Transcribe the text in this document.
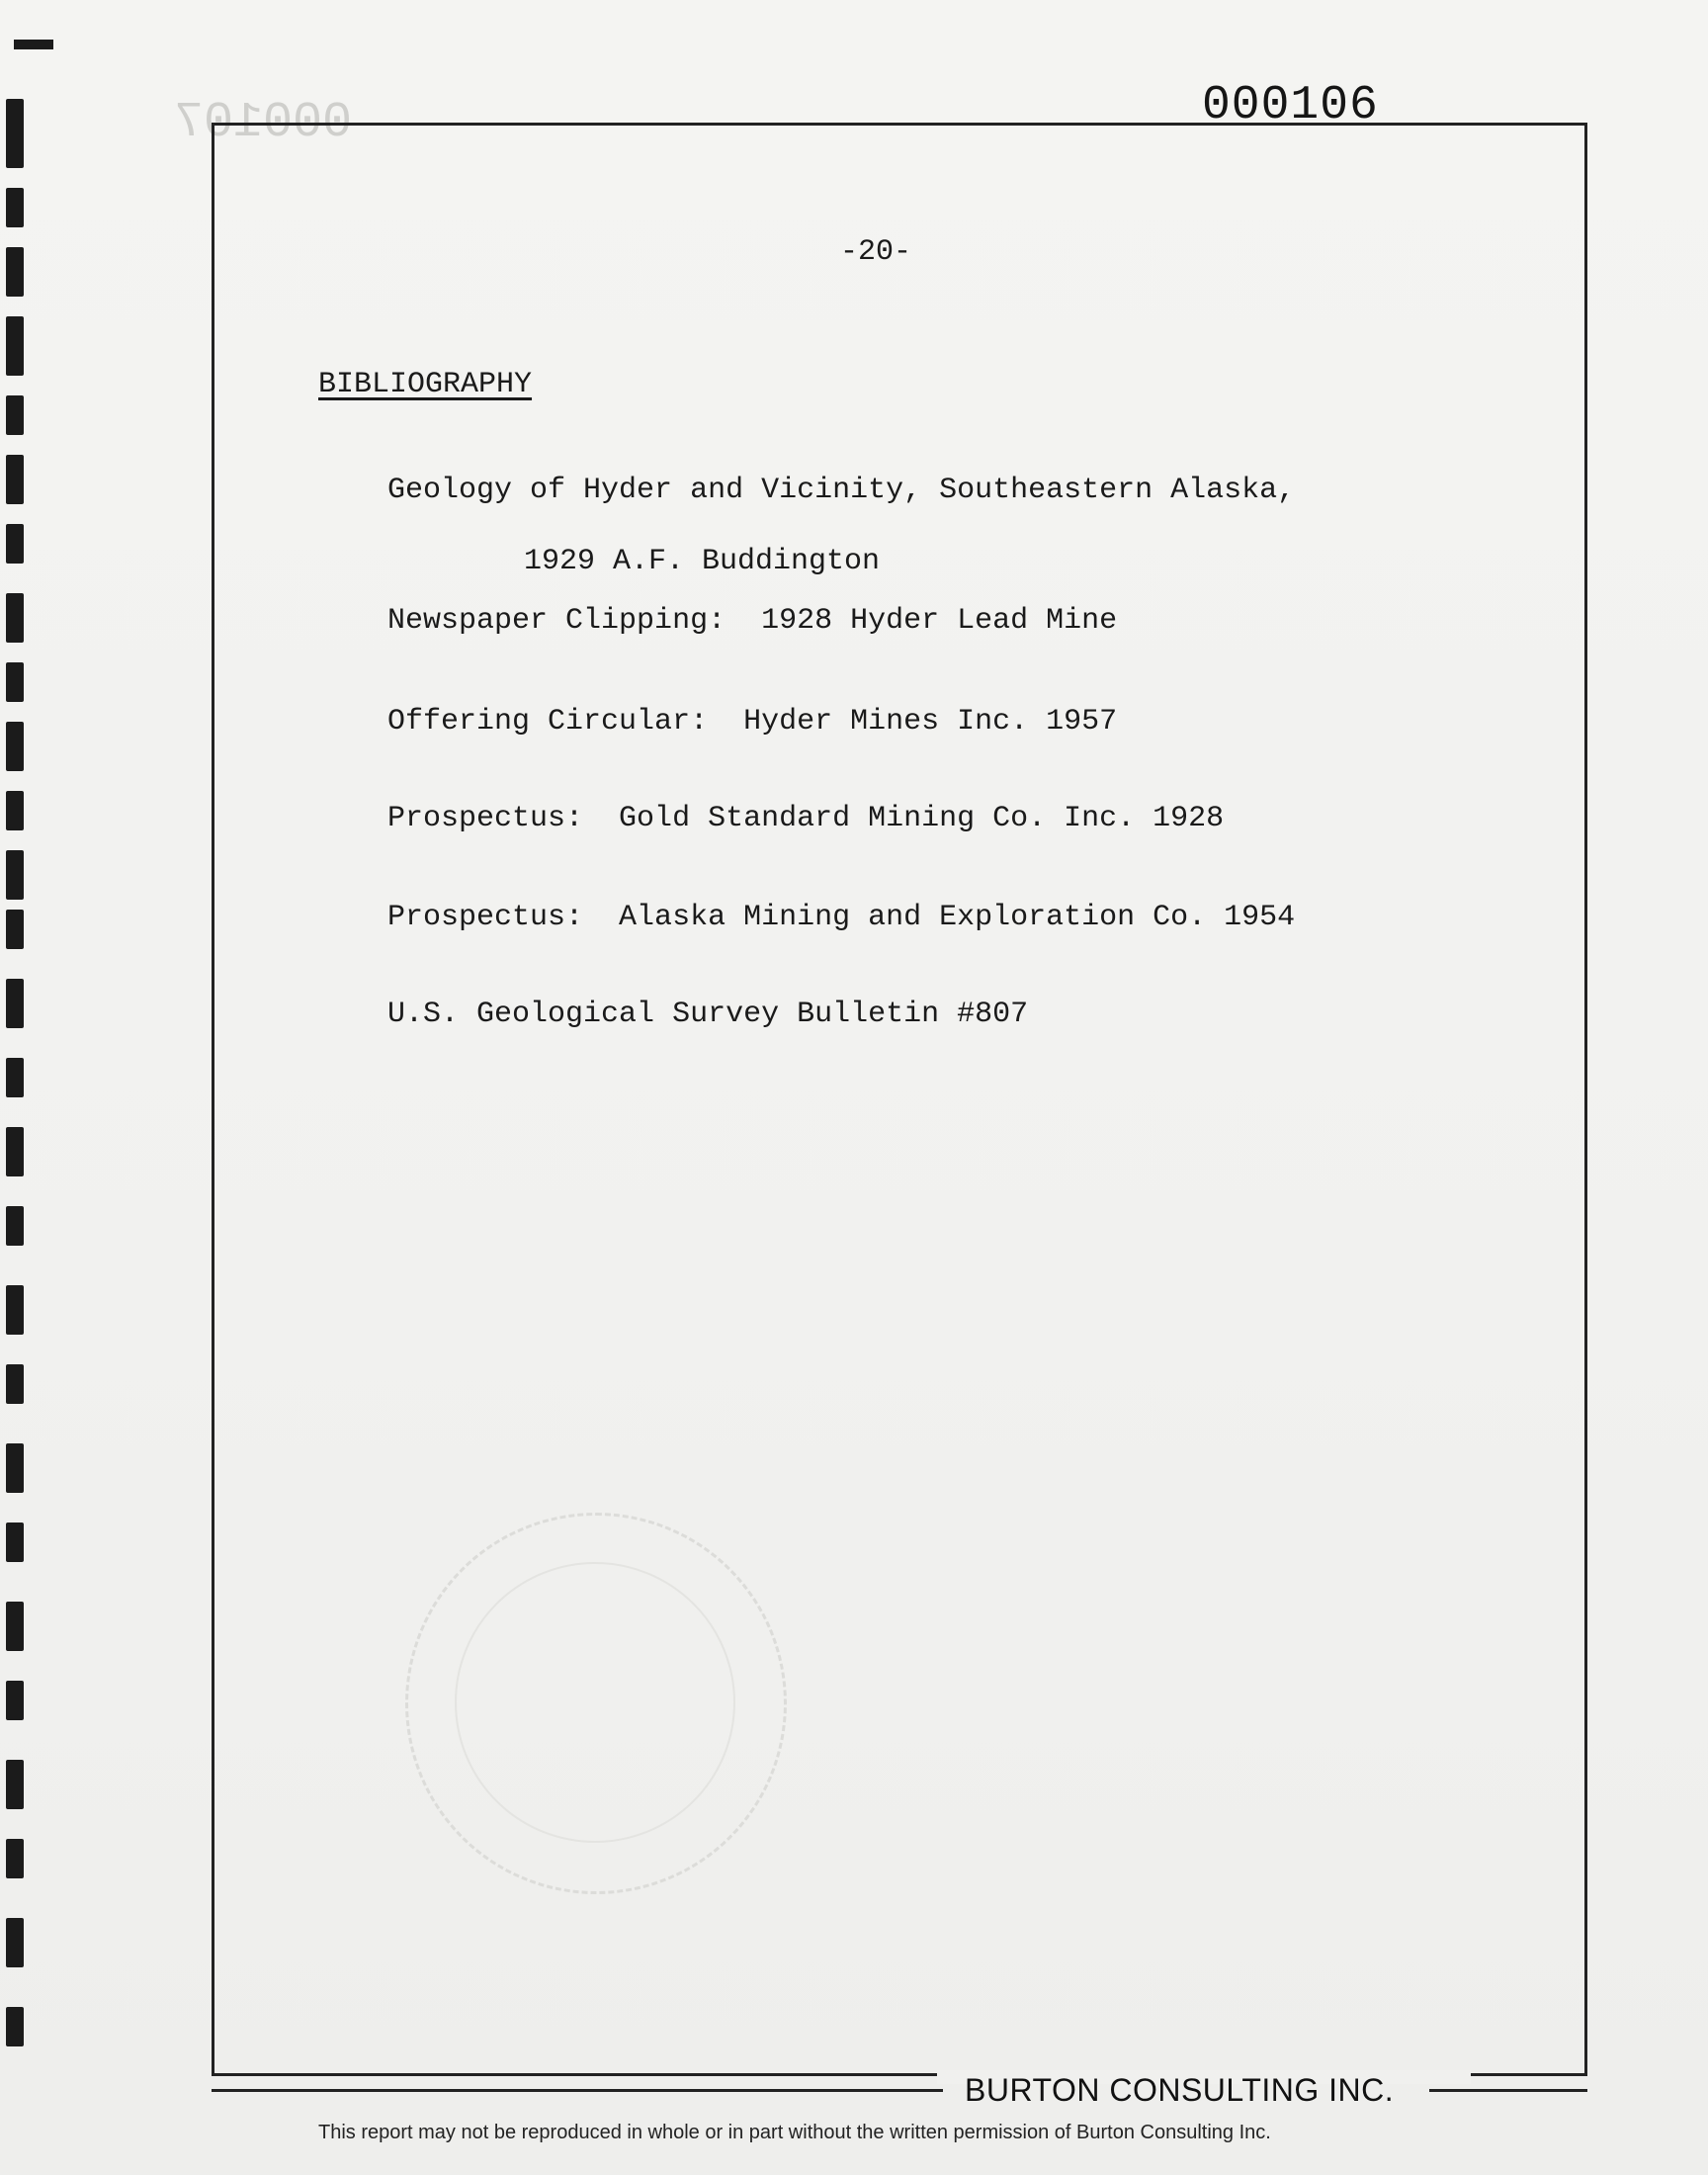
000107	000106
-20-
BIBLIOGRAPHY

Geology of Hyder and Vicinity, Southeastern Alaska,

1929 A.F. Buddington

Newspaper Clipping:  1928 Hyder Lead Mine

Offering Circular:  Hyder Mines Inc. 1957

Prospectus:  Gold Standard Mining Co. Inc. 1928

Prospectus:  Alaska Mining and Exploration Co. 1954

U.S. Geological Survey Bulletin #807

BURTON CONSULTING INC.
This report may not be reproduced in whole or in part without the written permission of Burton Consulting Inc.
